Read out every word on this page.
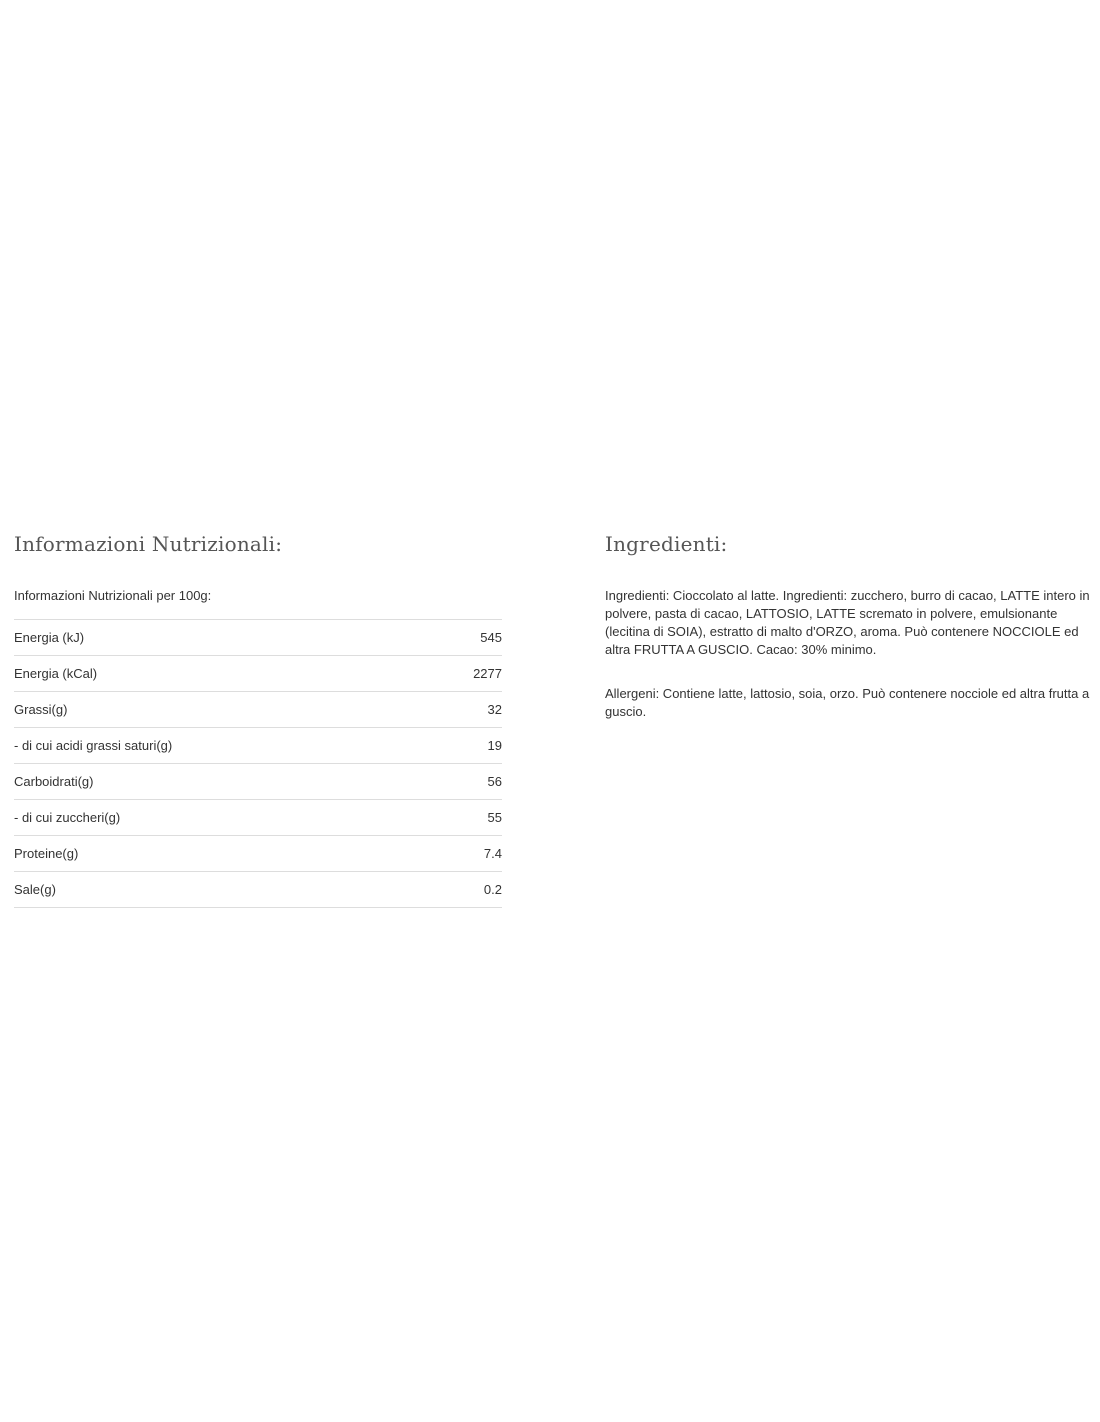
Informazioni Nutrizionali:
Informazioni Nutrizionali per 100g:
Energia (kJ)	545
Energia (kCal)	2277
Grassi(g)	32
- di cui acidi grassi saturi(g)	19
Carboidrati(g)	56
- di cui zuccheri(g)	55
Proteine(g)	7.4
Sale(g)	0.2
Ingredienti:

Ingredienti: Cioccolato al latte. Ingredienti: zucchero, burro di cacao, LATTE intero in polvere, pasta di cacao, LATTOSIO, LATTE scremato in polvere, emulsionante (lecitina di SOIA), estratto di malto d'ORZO, aroma. Può contenere NOCCIOLE ed altra FRUTTA A GUSCIO. Cacao: 30% minimo.

Allergeni: Contiene latte, lattosio, soia, orzo. Può contenere nocciole ed altra frutta a guscio.
